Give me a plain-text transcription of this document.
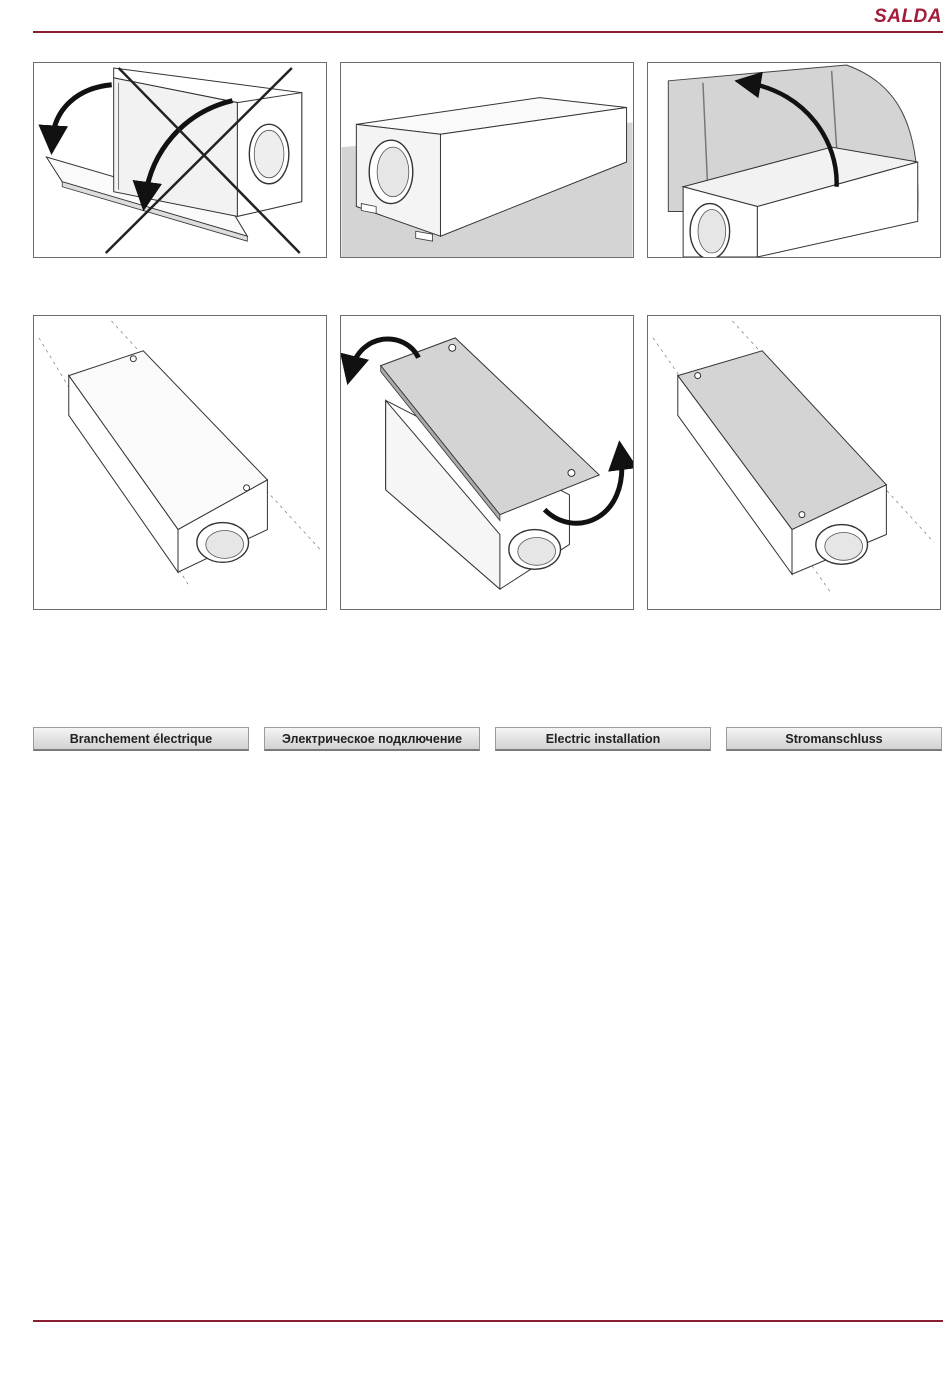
SALDA
Branchement électrique	Электрическое подключение	Electric installation	Stromanschluss
